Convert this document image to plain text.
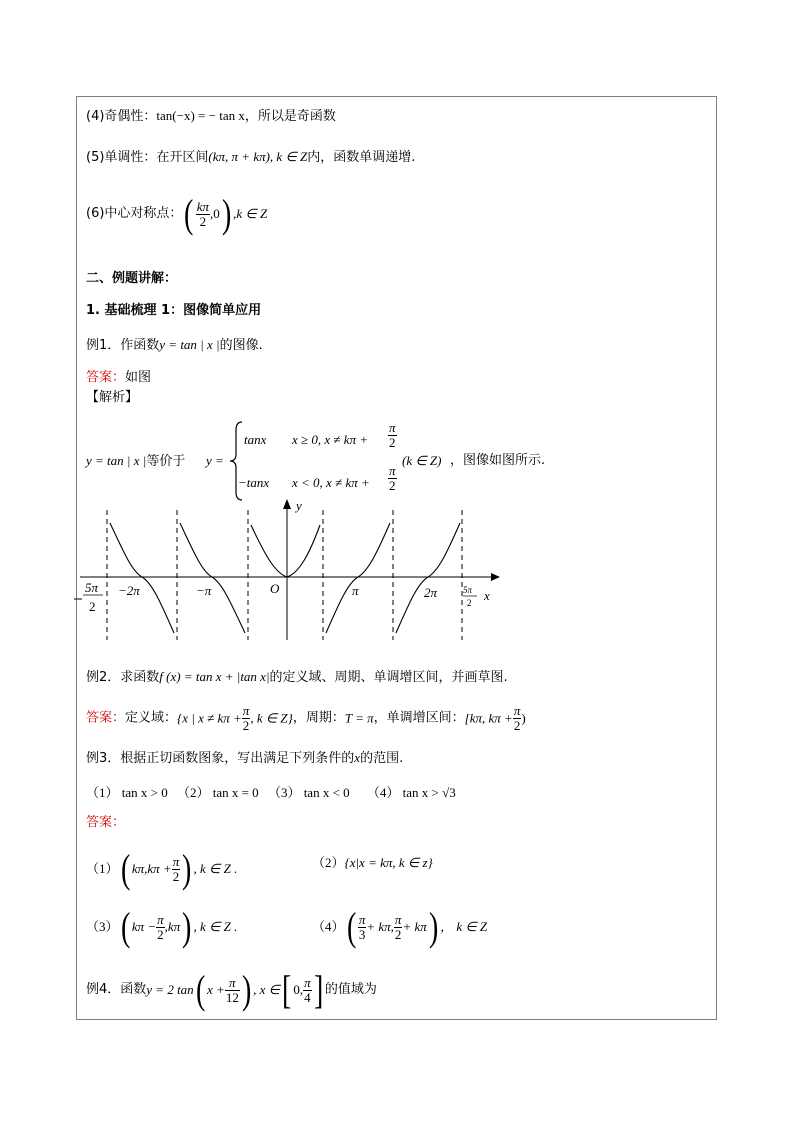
(4)奇偶性：tan(−x) = − tan x，所以是奇函数
(5)单调性：在开区间(kπ, π + kπ), k ∈ Z内，函数单调递增.
(6)中心对称点：( $\frac{k\pi}{2} ,0$) ,k ∈ Z
二、例题讲解：
1. 基础梳理 1：图像简单应用
例1．作函数y = tan | x |的图像.
答案：如图
【解析】
y = tan | x |等价于 y =
tanx x ≥ 0, $x \ne k\pi + \frac{\pi}{2}$
(k ∈ Z) ，图像如图所示.
−tanx x < 0, $x \ne k\pi + \frac{\pi}{2}$
y
x
O
−2π	−π	π	2π
5π
2
5π
2
例2．求函数f (x) = tan x + |tan x|的定义域、周期、单调增区间，并画草图.
答案：定义域：{x | $x \ne k\pi + \frac{\pi}{2}$ , k ∈ Z}，周期：T = π，单调增区间：[kπ, $k\pi + \frac{\pi}{2}$ )
例3．根据正切函数图象，写出满足下列条件的x的范围.
（1） tan x > 0 （2） tan x = 0 （3） tan x < 0 （4） tan x > √3
答案：
（1）( $k\pi,k\pi + \frac{\pi}{2}$ ) , k ∈ Z .	（2）{x|x = kπ, k ∈ z}
（3）( $k\pi - \frac{\pi}{2} ,k\pi$) , k ∈ Z .	$(4)( \frac{\pi}{3} + k\pi$, $\frac{\pi}{2} + k\pi$) ， k ∈ Z
例4．函数y = 2 tan( $x + \frac{\pi}{12}$ ) , x ∈[ 0, $\frac{\pi}{4}$ ] 的值域为
